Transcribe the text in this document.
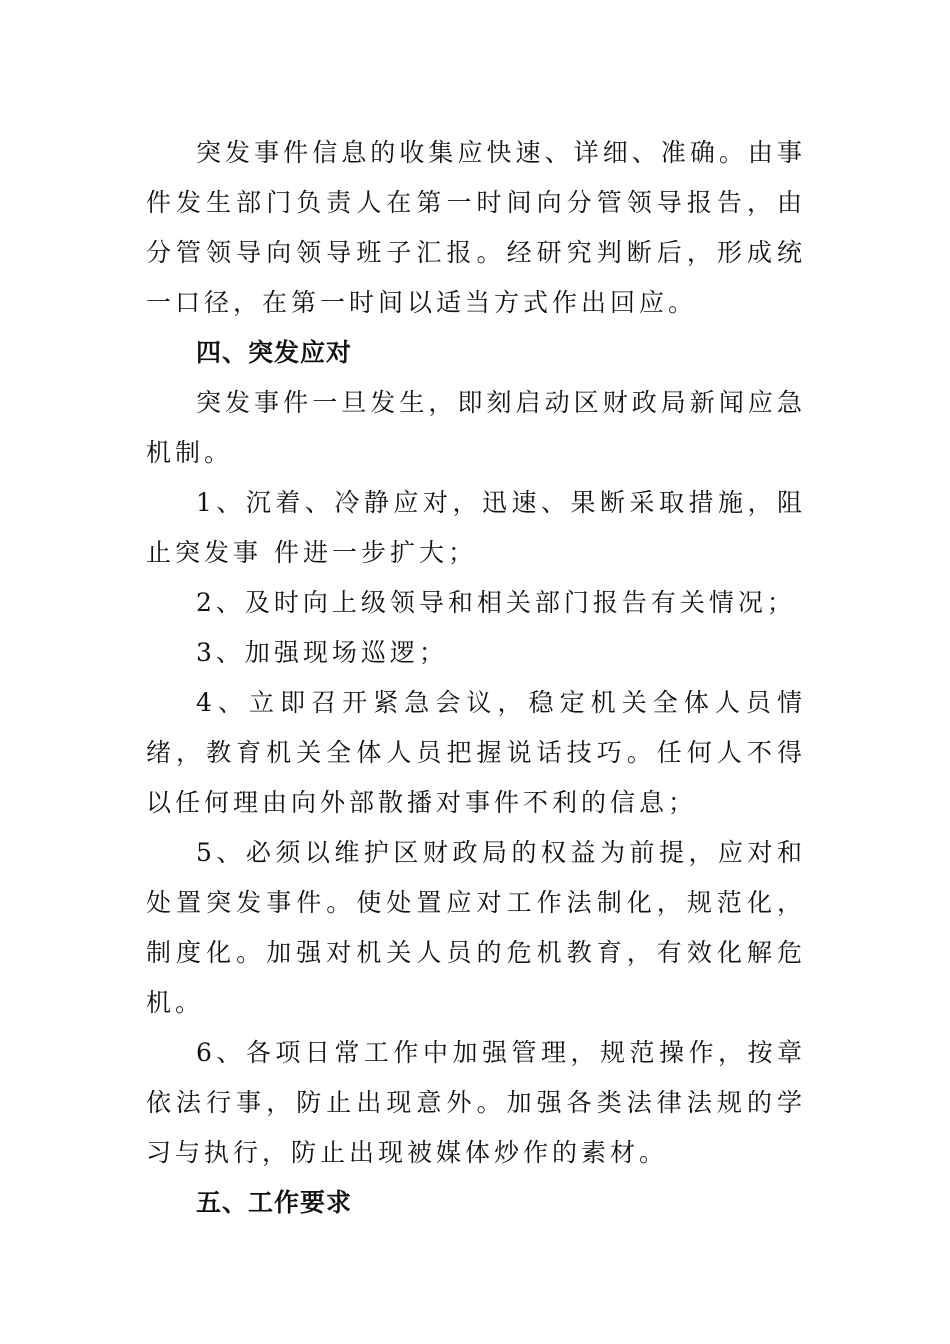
突发事件信息的收集应快速、详细、准确。由事件发生部门负责人在第一时间向分管领导报告，由分管领导向领导班子汇报。经研究判断后，形成统一口径，在第一时间以适当方式作出回应。

四、突发应对

突发事件一旦发生，即刻启动区财政局新闻应急机制。

1、沉着、冷静应对，迅速、果断采取措施，阻止突发事 件进一步扩大；

2、及时向上级领导和相关部门报告有关情况；

3、加强现场巡逻；

4、立即召开紧急会议，稳定机关全体人员情绪，教育机关全体人员把握说话技巧。任何人不得以任何理由向外部散播对事件不利的信息；

5、必须以维护区财政局的权益为前提，应对和处置突发事件。使处置应对工作法制化，规范化，制度化。加强对机关人员的危机教育，有效化解危机。

6、各项日常工作中加强管理，规范操作，按章依法行事，防止出现意外。加强各类法律法规的学习与执行，防止出现被媒体炒作的素材。

五、工作要求
